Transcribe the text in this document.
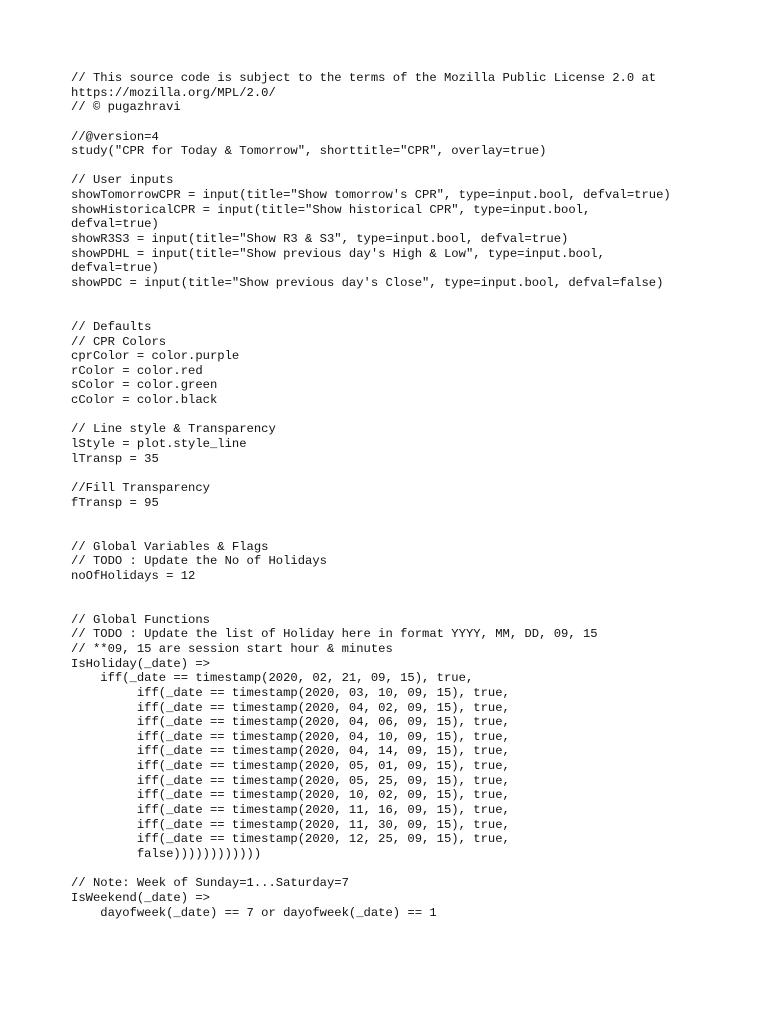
// This source code is subject to the terms of the Mozilla Public License 2.0 at
https://mozilla.org/MPL/2.0/
// © pugazhravi
//@version=4
study("CPR for Today & Tomorrow", shorttitle="CPR", overlay=true)
// User inputs
showTomorrowCPR = input(title="Show tomorrow's CPR", type=input.bool, defval=true)
showHistoricalCPR = input(title="Show historical CPR", type=input.bool,
defval=true)
showR3S3 = input(title="Show R3 & S3", type=input.bool, defval=true)
showPDHL = input(title="Show previous day's High & Low", type=input.bool,
defval=true)
showPDC = input(title="Show previous day's Close", type=input.bool, defval=false)
// Defaults
// CPR Colors
cprColor = color.purple
rColor = color.red
sColor = color.green
cColor = color.black
// Line style & Transparency
lStyle = plot.style_line
lTransp = 35
//Fill Transparency
fTransp = 95
// Global Variables & Flags
// TODO : Update the No of Holidays
noOfHolidays = 12
// Global Functions
// TODO : Update the list of Holiday here in format YYYY, MM, DD, 09, 15
// **09, 15 are session start hour & minutes
IsHoliday(_date) =>
iff(_date == timestamp(2020, 02, 21, 09, 15), true,
iff(_date == timestamp(2020, 03, 10, 09, 15), true,
iff(_date == timestamp(2020, 04, 02, 09, 15), true,
iff(_date == timestamp(2020, 04, 06, 09, 15), true,
iff(_date == timestamp(2020, 04, 10, 09, 15), true,
iff(_date == timestamp(2020, 04, 14, 09, 15), true,
iff(_date == timestamp(2020, 05, 01, 09, 15), true,
iff(_date == timestamp(2020, 05, 25, 09, 15), true,
iff(_date == timestamp(2020, 10, 02, 09, 15), true,
iff(_date == timestamp(2020, 11, 16, 09, 15), true,
iff(_date == timestamp(2020, 11, 30, 09, 15), true,
iff(_date == timestamp(2020, 12, 25, 09, 15), true,
false))))))))))))
// Note: Week of Sunday=1...Saturday=7
IsWeekend(_date) =>
dayofweek(_date) == 7 or dayofweek(_date) == 1
